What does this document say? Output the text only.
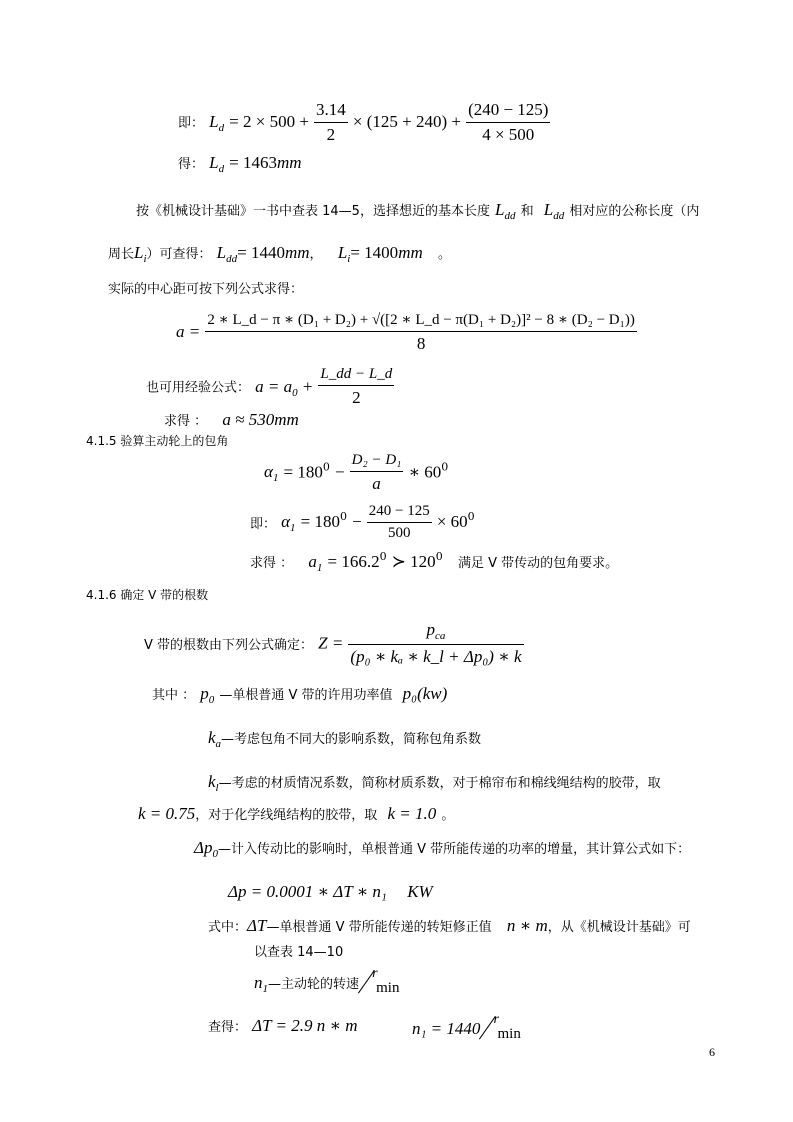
即： $L_d = 2 \times 500 + \frac{3.14}{2} \times (125 + 240) + \frac{(240 - 125)}{4 \times 500}$
得： $L_d = 1463mm$
按《机械设计基础》一书中查表 14—5，选择想近的基本长度 $L_{dd}$ 和 $L_{dd}$ 相对应的公称长度（内
周长$L_i$）可查得： $L_{dd}= 1440mm$， $L_i= 1400mm$ 。
实际的中心距可按下列公式求得：
a =
2 ∗ L_d − π ∗ (D₁ + D₂) + √([2 ∗ L_d − π(D₁ + D₂)]² − 8 ∗ (D₂ − D₁))
8
也可用经验公式： $a = a_0 + \frac{L\_dd - L\_d}{2}$
求得 ： a ≈ 530mm
4.1.5 验算主动轮上的包角
$\alpha_1 = 180^0 - \frac{\text{D₂ − D₁}}{a}$ ∗ $60^0$
即： $\alpha_1 = 180^0 - \frac{240 - 125}{500} \times 60^0$
求得 ： $a_1 = 166.2^0$ ≻ $120^0$ 满足 V 带传动的包角要求。
4.1.6 确定 V 带的根数
V 带的根数由下列公式确定： $Z = \frac{p_{ca}}{\text{(p₀ ∗ kₐ ∗ k\_l + Δp₀) ∗ k}}$
其中 ： $p_0$ —单根普通 V 带的许用功率值 p₀(kw)
$k_a—$考虑包角不同大的影响系数，简称包角系数
$k_l—$考虑的材质情况系数，简称材质系数，对于棉帘布和棉线绳结构的胶带，取
k = 0.75，对于化学线绳结构的胶带，取 k = 1.0 。
$\Delta p_0—$计入传动比的影响时，单根普通 V 带所能传递的功率的增量，其计算公式如下：
Δp = 0.0001 ∗ ΔT ∗ n₁ KW
式中：ΔT—单根普通 V 带所能传递的转矩修正值 n ∗ m，从《机械设计基础》可
以查表 14—10
$n_1—$主动轮的转速
r
min
查得： ΔT = 2.9 n ∗ m	n₁ = 1440 r
min
6
